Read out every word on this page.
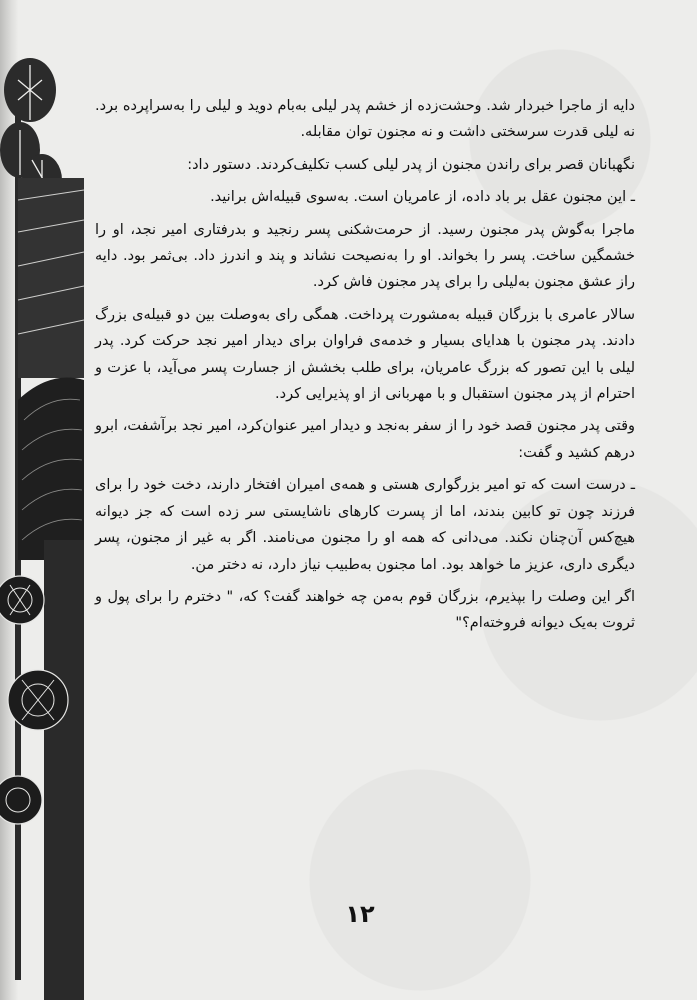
دایه از ماجرا خبردار شد. وحشت‌زده از خشم پدر لیلی به‌بام دوید و لیلی را به‌سراپرده برد. نه لیلی قدرت سرسختی داشت و نه مجنون توان مقابله.

نگهبانان قصر برای راندن مجنون از پدر لیلی کسب تکلیف‌کردند. دستور داد:

ـ این مجنون عقل بر باد داده، از عامریان است. به‌سوی قبیله‌اش برانید.

ماجرا به‌گوش پدر مجنون رسید. از حرمت‌شکنی پسر رنجید و بدرفتاری امیر نجد، او را خشمگین ساخت. پسر را بخواند. او را به‌نصیحت نشاند و پند و اندرز داد. بی‌ثمر بود. دایه راز عشق مجنون به‌لیلی را برای پدر مجنون فاش کرد.

سالار عامری با بزرگان قبیله به‌مشورت پرداخت. همگی رای به‌وصلت بین دو قبیله‌ی بزرگ دادند. پدر مجنون با هدایای بسیار و خدمه‌ی فراوان برای دیدار امیر نجد حرکت کرد. پدر لیلی با این تصور که بزرگ عامریان، برای طلب بخشش از جسارت پسر می‌آید، با عزت و احترام از پدر مجنون استقبال و با مهربانی از او پذیرایی کرد.

وقتی پدر مجنون قصد خود را از سفر به‌نجد و دیدار امیر عنوان‌کرد، امیر نجد برآشفت، ابرو درهم کشید و گفت:

ـ درست است که تو امیر بزرگواری هستی و همه‌ی امیران افتخار دارند، دخت خود را برای فرزند چون تو کابین بندند، اما از پسرت کارهای ناشایستی سر زده است که جز دیوانه هیچ‌کس آن‌چنان نکند. می‌دانی که همه او را مجنون می‌نامند. اگر به غیر از مجنون، پسر دیگری داری، عزیز ما خواهد بود. اما مجنون به‌طبیب نیاز دارد، نه دختر من.

اگر این وصلت را بپذیرم، بزرگان قوم به‌من چه خواهند گفت؟ که، " دخترم را برای پول و ثروت به‌یک دیوانه فروخته‌ام؟"

۱۲
